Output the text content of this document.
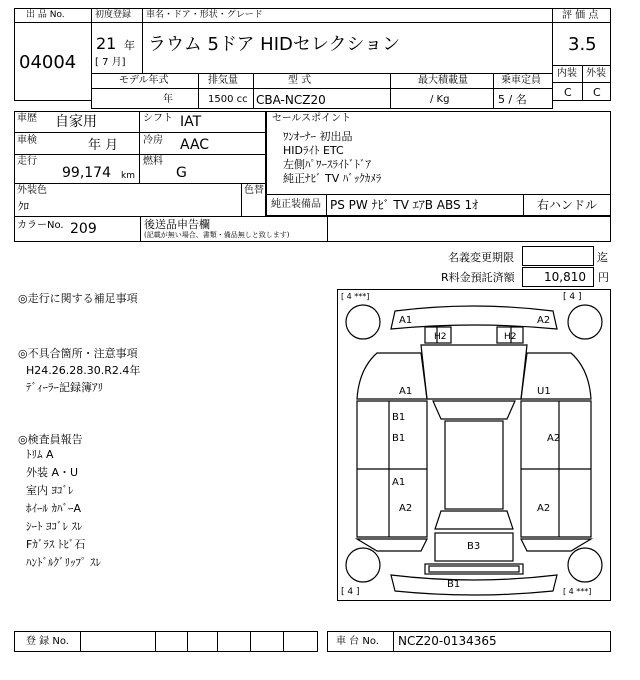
出 品 No.
04004
初度登録
21 年
[ 7 月]
車名・ドア・形状・グレード
ラウム 5ドア HIDセレクション
評 価 点
3.5
内装 外装
C C
モデル年式
年
排気量
1500 cc
型 式
CBA-NCZ20
最大積載量
/ Kg
乗車定員
5 / 名
車歴 自家用	シフト IAT
車検	年 月 冷房 AAC
走行
99,174 km
燃料
G
外装色
ｸﾛ
色替
カラーNo. 209	後送品申告欄
(記載が無い場合、書類・備品無しと致します)
セールスポイント
ﾜﾝｵｰﾅｰ 初出品
HIDﾗｲﾄ ETC
左側ﾊﾟﾜｰｽﾗｲﾄﾞﾄﾞｱ
純正ﾅﾋﾞ TV ﾊﾞｯｸｶﾒﾗ
純正装備品 PS PW ﾅﾋﾞ TV ｴｱB ABS 1ｵ	右ハンドル
名義変更期限	迄
R料金預託済額 10,810 円
◎走行に関する補足事項
◎不具合箇所・注意事項
H24.26.28.30.R2.4年
ﾃﾞｨｰﾗｰ記録簿ｱﾘ
◎検査員報告
ﾄﾘﾑ A
外装 A・U
室内 ﾖｺﾞﾚ
ﾎｲｰﾙ ｶﾊﾞｰA
ｼｰﾄ ﾖｺﾞﾚ ｽﾚ
Fｶﾞﾗｽ ﾄﾋﾞ石
ﾊﾝﾄﾞﾙｸﾞﾘｯﾌﾟ ｽﾚ
[ 4 ***]	[ 4 ]
[ 4 ]	[ 4 ***]
A1	A2
H2	H2
A1	U1
B1
B1	A2
A1
A2	A2
B3
B1
登 録 No.	車 台 No. NCZ20-0134365
